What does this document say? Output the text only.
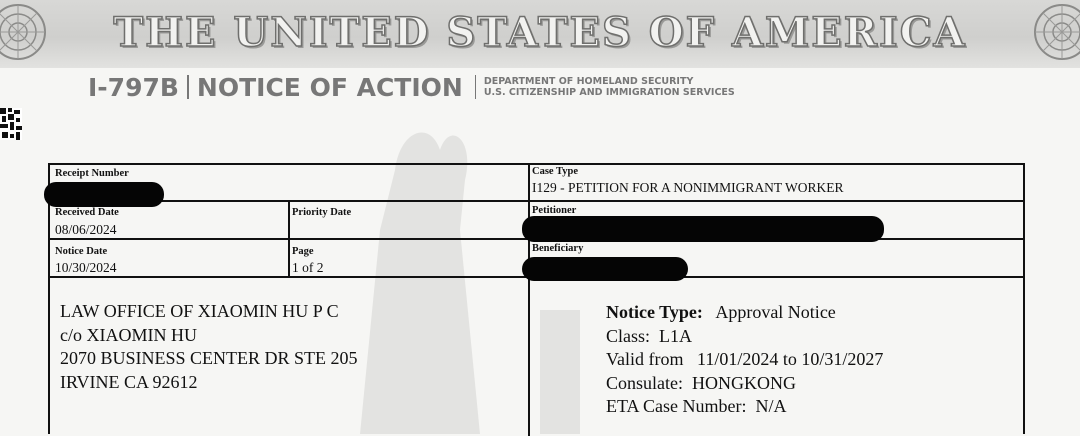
THE UNITED STATES OF AMERICA
I-797B NOTICE OF ACTION DEPARTMENT OF HOMELAND SECURITY
U.S. CITIZENSHIP AND IMMIGRATION SERVICES
Receipt Number	Case Type
I129 - PETITION FOR A NONIMMIGRANT WORKER
Received Date
08/06/2024
Priority Date	Petitioner
Notice Date
10/30/2024
Page
1 of 2
Beneficiary
LAW OFFICE OF XIAOMIN HU P C
c/o XIAOMIN HU
2070 BUSINESS CENTER DR STE 205
IRVINE CA 92612
Notice Type: Approval Notice
Class: L1A
Valid from 11/01/2024 to 10/31/2027
Consulate: HONGKONG
ETA Case Number: N/A
